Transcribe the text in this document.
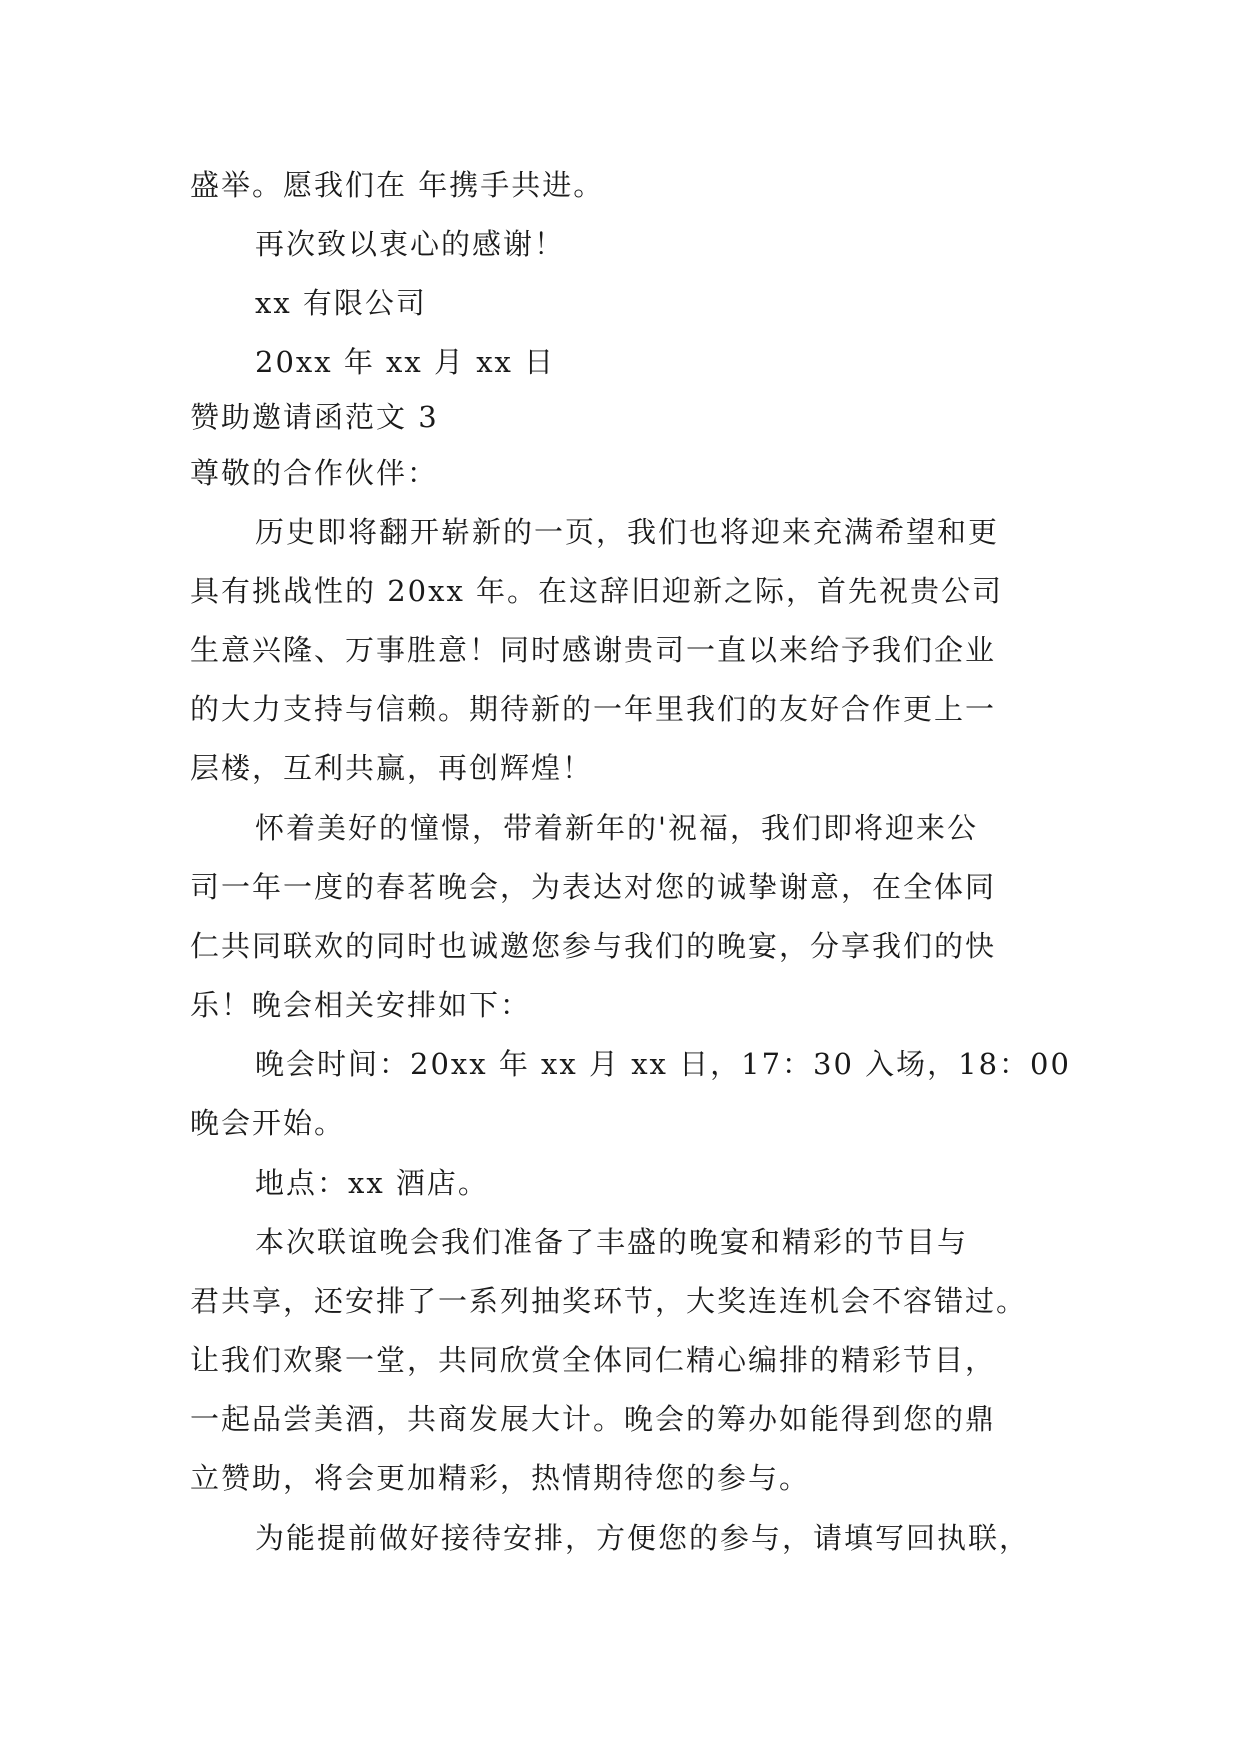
盛举。愿我们在 年携手共进。

再次致以衷心的感谢！

xx 有限公司

20xx 年 xx 月 xx 日

赞助邀请函范文 3

尊敬的合作伙伴：

历史即将翻开崭新的一页，我们也将迎来充满希望和更

具有挑战性的 20xx 年。在这辞旧迎新之际，首先祝贵公司

生意兴隆、万事胜意！同时感谢贵司一直以来给予我们企业

的大力支持与信赖。期待新的一年里我们的友好合作更上一

层楼，互利共赢，再创辉煌！

怀着美好的憧憬，带着新年的'祝福，我们即将迎来公

司一年一度的春茗晚会，为表达对您的诚挚谢意，在全体同

仁共同联欢的同时也诚邀您参与我们的晚宴，分享我们的快

乐！晚会相关安排如下：

晚会时间：20xx 年 xx 月 xx 日，17：30 入场，18：00

晚会开始。

地点：xx 酒店。

本次联谊晚会我们准备了丰盛的晚宴和精彩的节目与

君共享，还安排了一系列抽奖环节，大奖连连机会不容错过。

让我们欢聚一堂，共同欣赏全体同仁精心编排的精彩节目，

一起品尝美酒，共商发展大计。晚会的筹办如能得到您的鼎

立赞助，将会更加精彩，热情期待您的参与。

为能提前做好接待安排，方便您的参与，请填写回执联，
